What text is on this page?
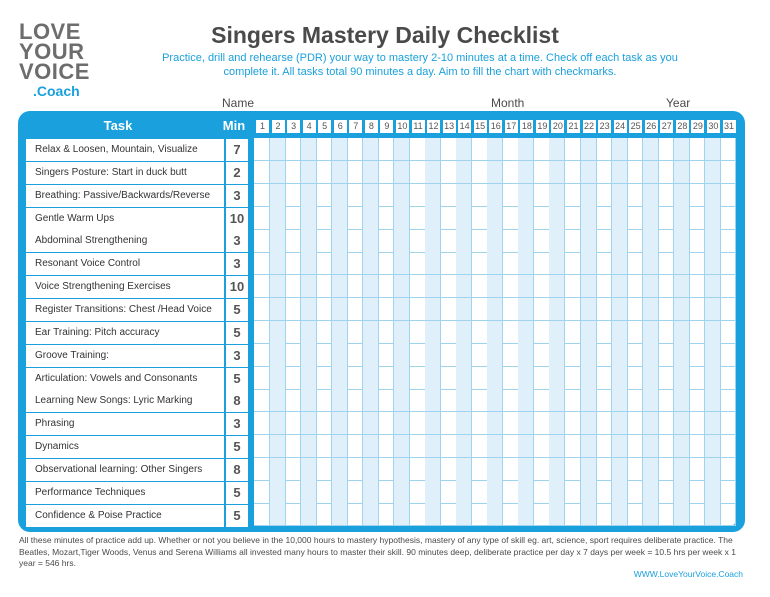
LOVE
YOUR
VOICE
.Coach
Singers Mastery Daily Checklist
Practice, drill and rehearse (PDR) your way to mastery 2-10 minutes at a time. Check off each task as you complete it. All tasks total 90 minutes a day. Aim to fill the chart with checkmarks.
Name	Month	Year
Task	Min	1	2	3	4	5	6	7	8	9 10 11 12 13 14 15 16 17 18 19 20 21 22 23 24 25 26 27 28 29 30 31
Relax & Loosen, Mountain, Visualize	7
Singers Posture: Start in duck butt	2
Breathing: Passive/Backwards/Reverse	3
Gentle Warm Ups	10
Abdominal Strengthening	3
Resonant Voice Control	3
Voice Strengthening Exercises	10
Register Transitions: Chest /Head Voice	5
Ear Training: Pitch accuracy	5
Groove Training:	3
Articulation: Vowels and Consonants	5
Learning New Songs: Lyric Marking	8
Phrasing	3
Dynamics	5
Observational learning: Other Singers	8
Performance Techniques	5
Confidence & Poise Practice	5
All these minutes of practice add up. Whether or not you believe in the 10,000 hours to mastery hypothesis, mastery of any type of skill eg. art, science, sport requires deliberate practice. The Beatles, Mozart,Tiger Woods, Venus and Serena Williams all invested many hours to master their skill. 90 minutes deep, deliberate practice per day x 7 days per week = 10.5 hrs per week x 1 year = 546 hrs.
WWW.LoveYourVoice.Coach
